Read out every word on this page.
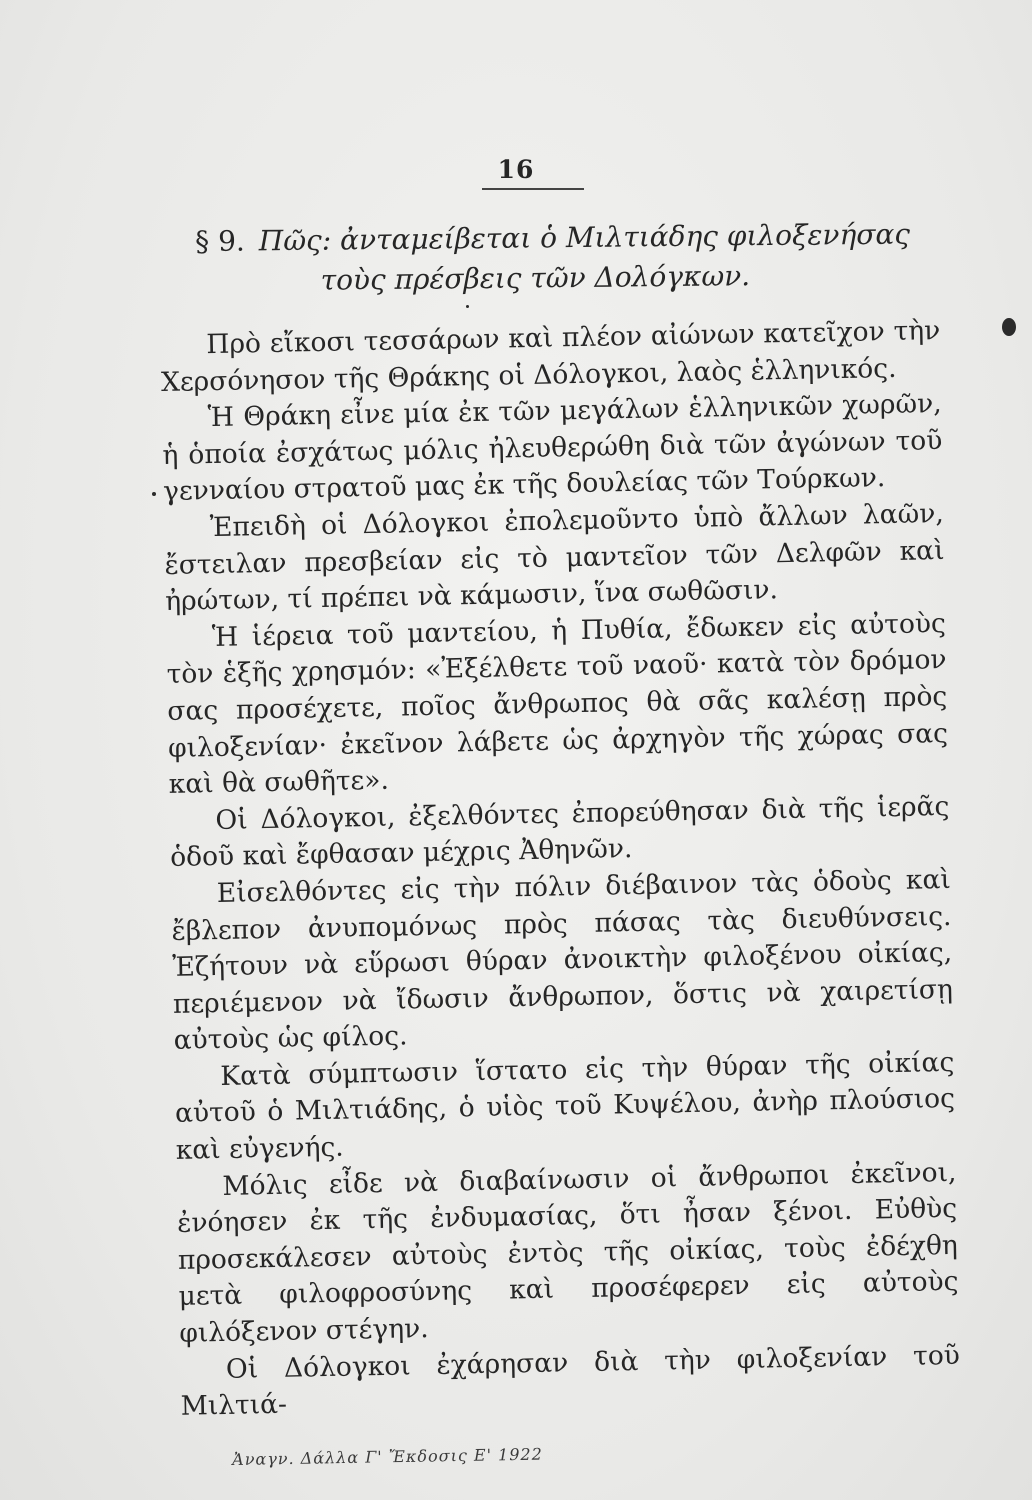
16
§ 9. Πῶς: ἀνταμείβεται ὁ Μιλτιάδης φιλοξενήσας
τοὺς πρέσβεις τῶν Δολόγκων.

Πρὸ εἴκοσι τεσσάρων καὶ πλέον αἰώνων κατεῖχον τὴν Χερσόνησον τῆς Θράκης οἱ Δόλογκοι, λαὸς ἑλληνικός.

Ἡ Θράκη εἶνε μία ἐκ τῶν μεγάλων ἑλληνικῶν χωρῶν, ἡ ὁποία ἐσχάτως μόλις ἠλευθερώθη διὰ τῶν ἀγώνων τοῦ γενναίου στρατοῦ μας ἐκ τῆς δουλείας τῶν Τούρκων.

Ἐπειδὴ οἱ Δόλογκοι ἐπολεμοῦντο ὑπὸ ἄλλων λαῶν, ἔστειλαν πρεσβείαν εἰς τὸ μαντεῖον τῶν Δελφῶν καὶ ἠρώτων, τί πρέπει νὰ κάμωσιν, ἵνα σωθῶσιν.

Ἡ ἱέρεια τοῦ μαντείου, ἡ Πυθία, ἔδωκεν εἰς αὐτοὺς τὸν ἑξῆς χρησμόν: «Ἐξέλθετε τοῦ ναοῦ· κατὰ τὸν δρόμον σας προσέχετε, ποῖος ἄνθρωπος θὰ σᾶς καλέσῃ πρὸς φιλοξενίαν· ἐκεῖνον λάβετε ὡς ἀρχηγὸν τῆς χώρας σας καὶ θὰ σωθῆτε».

Οἱ Δόλογκοι, ἐξελθόντες ἐπορεύθησαν διὰ τῆς ἱερᾶς ὁδοῦ καὶ ἔφθασαν μέχρις Ἀθηνῶν.

Εἰσελθόντες εἰς τὴν πόλιν διέβαινον τὰς ὁδοὺς καὶ ἔβλεπον ἀνυπομόνως πρὸς πάσας τὰς διευθύνσεις. Ἐζήτουν νὰ εὕρωσι θύραν ἀνοικτὴν φιλοξένου οἰκίας, περιέμενον νὰ ἴδωσιν ἄνθρωπον, ὅστις νὰ χαιρετίσῃ αὐτοὺς ὡς φίλος.

Κατὰ σύμπτωσιν ἵστατο εἰς τὴν θύραν τῆς οἰκίας αὐτοῦ ὁ Μιλτιάδης, ὁ υἱὸς τοῦ Κυψέλου, ἀνὴρ πλούσιος καὶ εὐγενής.

Μόλις εἶδε νὰ διαβαίνωσιν οἱ ἄνθρωποι ἐκεῖνοι, ἐνόησεν ἐκ τῆς ἐνδυμασίας, ὅτι ἦσαν ξένοι. Εὐθὺς προσεκάλεσεν αὐτοὺς ἐντὸς τῆς οἰκίας, τοὺς ἐδέχθη μετὰ φιλοφροσύνης καὶ προσέφερεν εἰς αὐτοὺς φιλόξενον στέγην.

Οἱ Δόλογκοι ἐχάρησαν διὰ τὴν φιλοξενίαν τοῦ Μιλτιά-

Ἀναγν. Δάλλα Γ' Ἔκδοσις Ε' 1922
